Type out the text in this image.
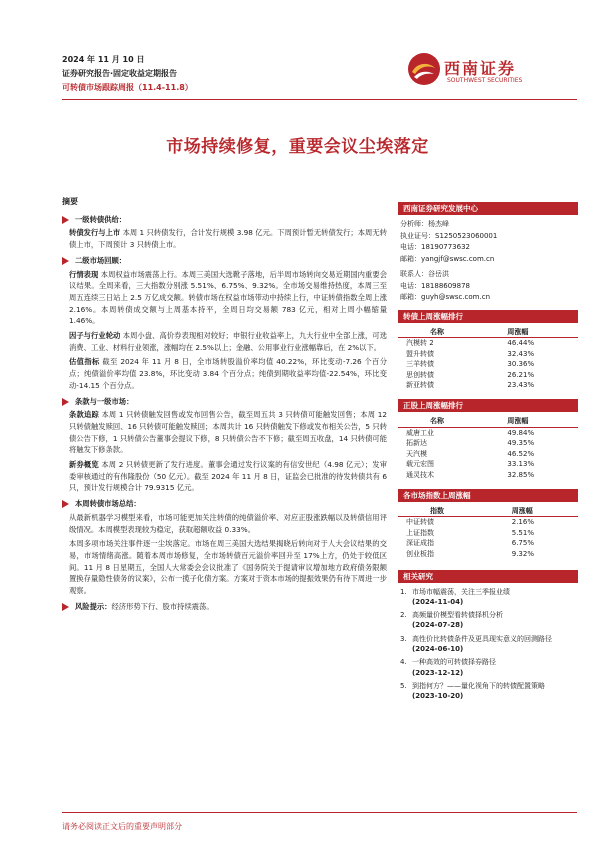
2024 年 11 月 10 日
证券研究报告·固定收益定期报告
可转债市场跟踪周报（11.4-11.8）
西南证券
SOUTHWEST SECURITIES
市场持续修复，重要会议尘埃落定
摘要
一级转债供给：

转债发行与上市 本周 1 只转债发行，合计发行规模 3.98 亿元。下周预计暂无转债发行；本周无转债上市，下周预计 3 只转债上市。

二级市场回顾：

行情表现 本周权益市场震荡上行。本周三美国大选靴子落地，后半周市场转向交易近期国内重要会议结果。全周来看，三大指数分别涨 5.51%、6.75%、9.32%。全市场交易维持热度，本周三至周五连续三日站上 2.5 万亿成交额。转债市场在权益市场带动中持续上行，中证转债指数全周上涨 2.16%。本周转债成交额与上周基本持平，全周日均交易额 783 亿元，相对上周小幅缩量 1.46%。

因子与行业轮动 本周小盘、高价券表现相对较好；申银行业收益率上，九大行业中全部上涨，可选消费、工业、材料行业领涨，涨幅均在 2.5%以上；金融、公用事业行业涨幅靠后，在 2%以下。

估值指标 截至 2024 年 11 月 8 日，全市场转股溢价率均值 40.22%，环比变动-7.26 个百分点；纯债溢价率均值 23.8%，环比变动 3.84 个百分点；纯债到期收益率均值-22.54%，环比变动-14.15 个百分点。

条款与一级市场：

条款追踪 本周 1 只转债触发回售或发布回售公告，截至周五共 3 只转债可能触发回售；本周 12 只转债触发赎回、16 只转债可能触发赎回；本周共计 16 只转债触发下修或发布相关公告，5 只转债公告下修，1 只转债公告董事会提议下修，8 只转债公告不下修；截至周五收盘，14 只转债可能将触发下修条款。

新券概览 本周 2 只转债更新了发行进度。董事会通过发行议案的有信安世纪（4.98 亿元）；发审委审核通过的有伟隆股份（50 亿元）。截至 2024 年 11 月 8 日，证监会已批准的待发转债共有 6 只，预计发行规模合计 79.9315 亿元。

本周转债市场总结：

从最新机器学习模型来看，市场可能更加关注转债的纯债溢价率、对应正股涨跌幅以及转债信用评级情况。本周模型表现较为稳定，获取超额收益 0.33%。

本周多项市场关注事件逐一尘埃落定。市场在周三美国大选结果揭晓后转向对于人大会议结果的交易，市场情绪高涨。随着本周市场修复，全市场转债百元溢价率回升至 17%上方，仍处于较低区间。11 月 8 日星期五，全国人大常委会会议批准了《国务院关于提请审议增加地方政府债务限额置换存量隐性债务的议案》，公布一揽子化债方案。方案对于资本市场的提振效果仍有待下周进一步观察。

风险提示：经济形势下行、股市持续震荡。
西南证券研究发展中心
分析师：杨杰峰
执业证号：S1250523060001
电话：18190773632
邮箱：yangjf@swsc.com.cn
联系人：谷岳洪
电话：18188609878
邮箱：guyh@swsc.com.cn
转债上周涨幅排行
名称	周涨幅
汽模转 2	46.44%
盟升转债	32.43%
三羊转债	30.36%
思创转债	26.21%
新亚转债	23.43%
正股上周涨幅排行
名称	周涨幅
威唐工业	49.84%
拓新达	49.35%
天汽模	46.52%
载元宏图	33.13%
通灵技术	32.85%
各市场指数上周涨幅
指数	周涨幅
中证转债	2.16%
上证指数	5.51%
深证成指	6.75%
创业板指	9.32%
相关研究
1. 市场市幅震荡，关注三季报业绩
(2024-11-04)
2. 高频量价模型看转债择机分析
(2024-07-28)
3. 高性价比转债条件及更具现实意义的回测路径
(2024-06-10)
4. 一种高效的可转债择券路径
(2023-12-12)
5. 到指何方？——量化视角下的转债配置策略
(2023-10-20)
请务必阅读正文后的重要声明部分
